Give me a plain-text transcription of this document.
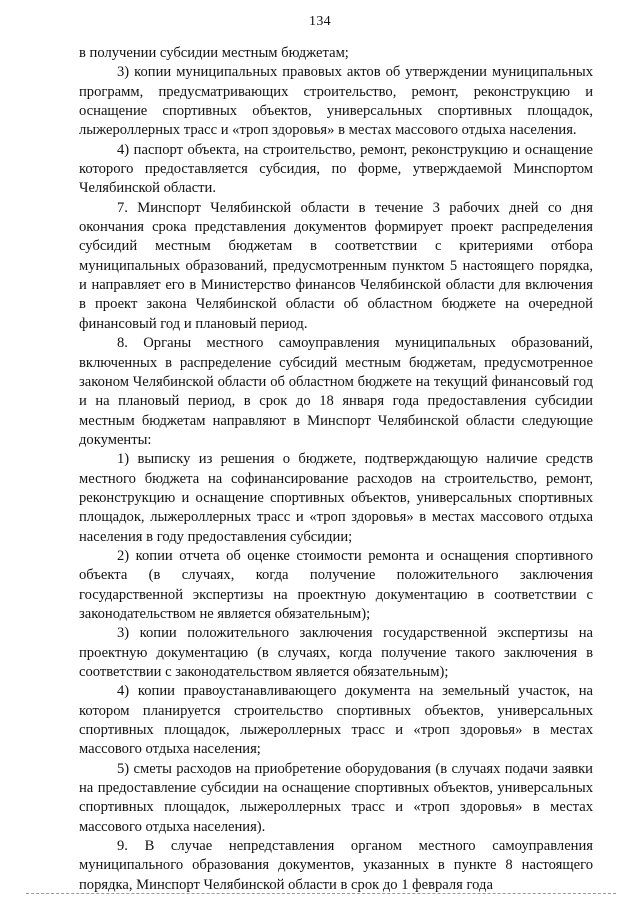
134

в получении субсидии местным бюджетам;

3) копии муниципальных правовых актов об утверждении муниципальных программ, предусматривающих строительство, ремонт, реконструкцию и оснащение спортивных объектов, универсальных спортивных площадок, лыжероллерных трасс и «троп здоровья» в местах массового отдыха населения.

4) паспорт объекта, на строительство, ремонт, реконструкцию и оснащение которого предоставляется субсидия, по форме, утверждаемой Минспортом Челябинской области.

7. Минспорт Челябинской области в течение 3 рабочих дней со дня окончания срока представления документов формирует проект распределения субсидий местным бюджетам в соответствии с критериями отбора муниципальных образований, предусмотренным пунктом 5 настоящего порядка, и направляет его в Министерство финансов Челябинской области для включения в проект закона Челябинской области об областном бюджете на очередной финансовый год и плановый период.

8. Органы местного самоуправления муниципальных образований, включенных в распределение субсидий местным бюджетам, предусмотренное законом Челябинской области об областном бюджете на текущий финансовый год и на плановый период, в срок до 18 января года предоставления субсидии местным бюджетам направляют в Минспорт Челябинской области следующие документы:

1) выписку из решения о бюджете, подтверждающую наличие средств местного бюджета на софинансирование расходов на строительство, ремонт, реконструкцию и оснащение спортивных объектов, универсальных спортивных площадок, лыжероллерных трасс и «троп здоровья» в местах массового отдыха населения в году предоставления субсидии;

2) копии отчета об оценке стоимости ремонта и оснащения спортивного объекта (в случаях, когда получение положительного заключения государственной экспертизы на проектную документацию в соответствии с законодательством не является обязательным);

3) копии положительного заключения государственной экспертизы на проектную документацию (в случаях, когда получение такого заключения в соответствии с законодательством является обязательным);

4) копии правоустанавливающего документа на земельный участок, на котором планируется строительство спортивных объектов, универсальных спортивных площадок, лыжероллерных трасс и «троп здоровья» в местах массового отдыха населения;

5) сметы расходов на приобретение оборудования (в случаях подачи заявки на предоставление субсидии на оснащение спортивных объектов, универсальных спортивных площадок, лыжероллерных трасс и «троп здоровья» в местах массового отдыха населения).

9. В случае непредставления органом местного самоуправления муниципального образования документов, указанных в пункте 8 настоящего порядка, Минспорт Челябинской области в срок до 1 февраля года
